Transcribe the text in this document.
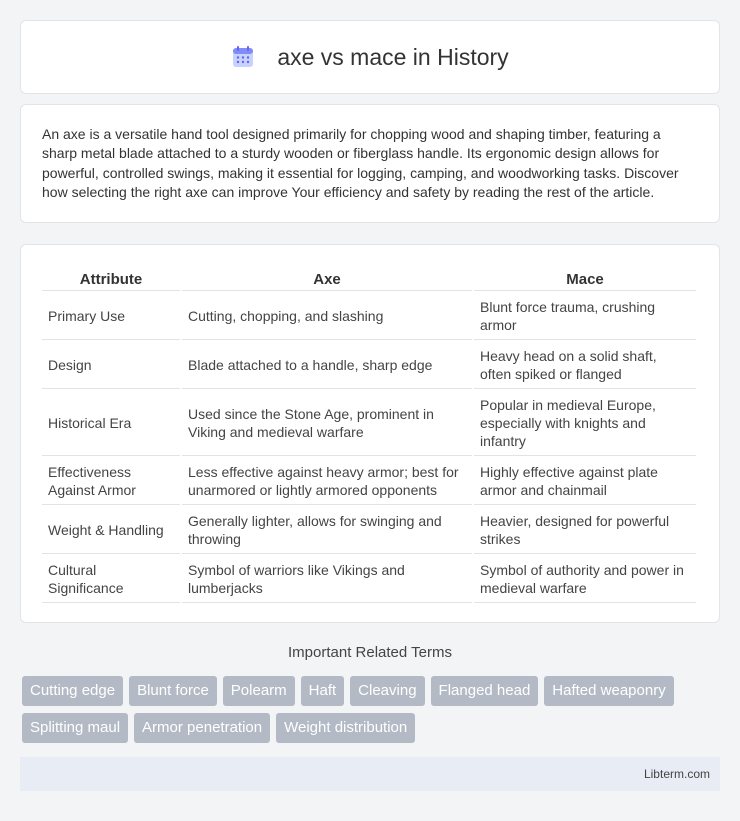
axe vs mace in History

An axe is a versatile hand tool designed primarily for chopping wood and shaping timber, featuring a sharp metal blade attached to a sturdy wooden or fiberglass handle. Its ergonomic design allows for powerful, controlled swings, making it essential for logging, camping, and woodworking tasks. Discover how selecting the right axe can improve Your efficiency and safety by reading the rest of the article.

Attribute	Axe	Mace
Primary Use	Cutting, chopping, and slashing	Blunt force trauma, crushing armor
Design	Blade attached to a handle, sharp edge	Heavy head on a solid shaft, often spiked or flanged
Historical Era	Used since the Stone Age, prominent in Viking and medieval warfare	Popular in medieval Europe, especially with knights and infantry
Effectiveness Against Armor	Less effective against heavy armor; best for unarmored or lightly armored opponents	Highly effective against plate armor and chainmail
Weight & Handling	Generally lighter, allows for swinging and throwing	Heavier, designed for powerful strikes
Cultural Significance	Symbol of warriors like Vikings and lumberjacks	Symbol of authority and power in medieval warfare
Important Related Terms
Cutting edge	Blunt force	Polearm	Haft	Cleaving	Flanged head	Hafted weaponry
Splitting maul	Armor penetration	Weight distribution
Libterm.com
